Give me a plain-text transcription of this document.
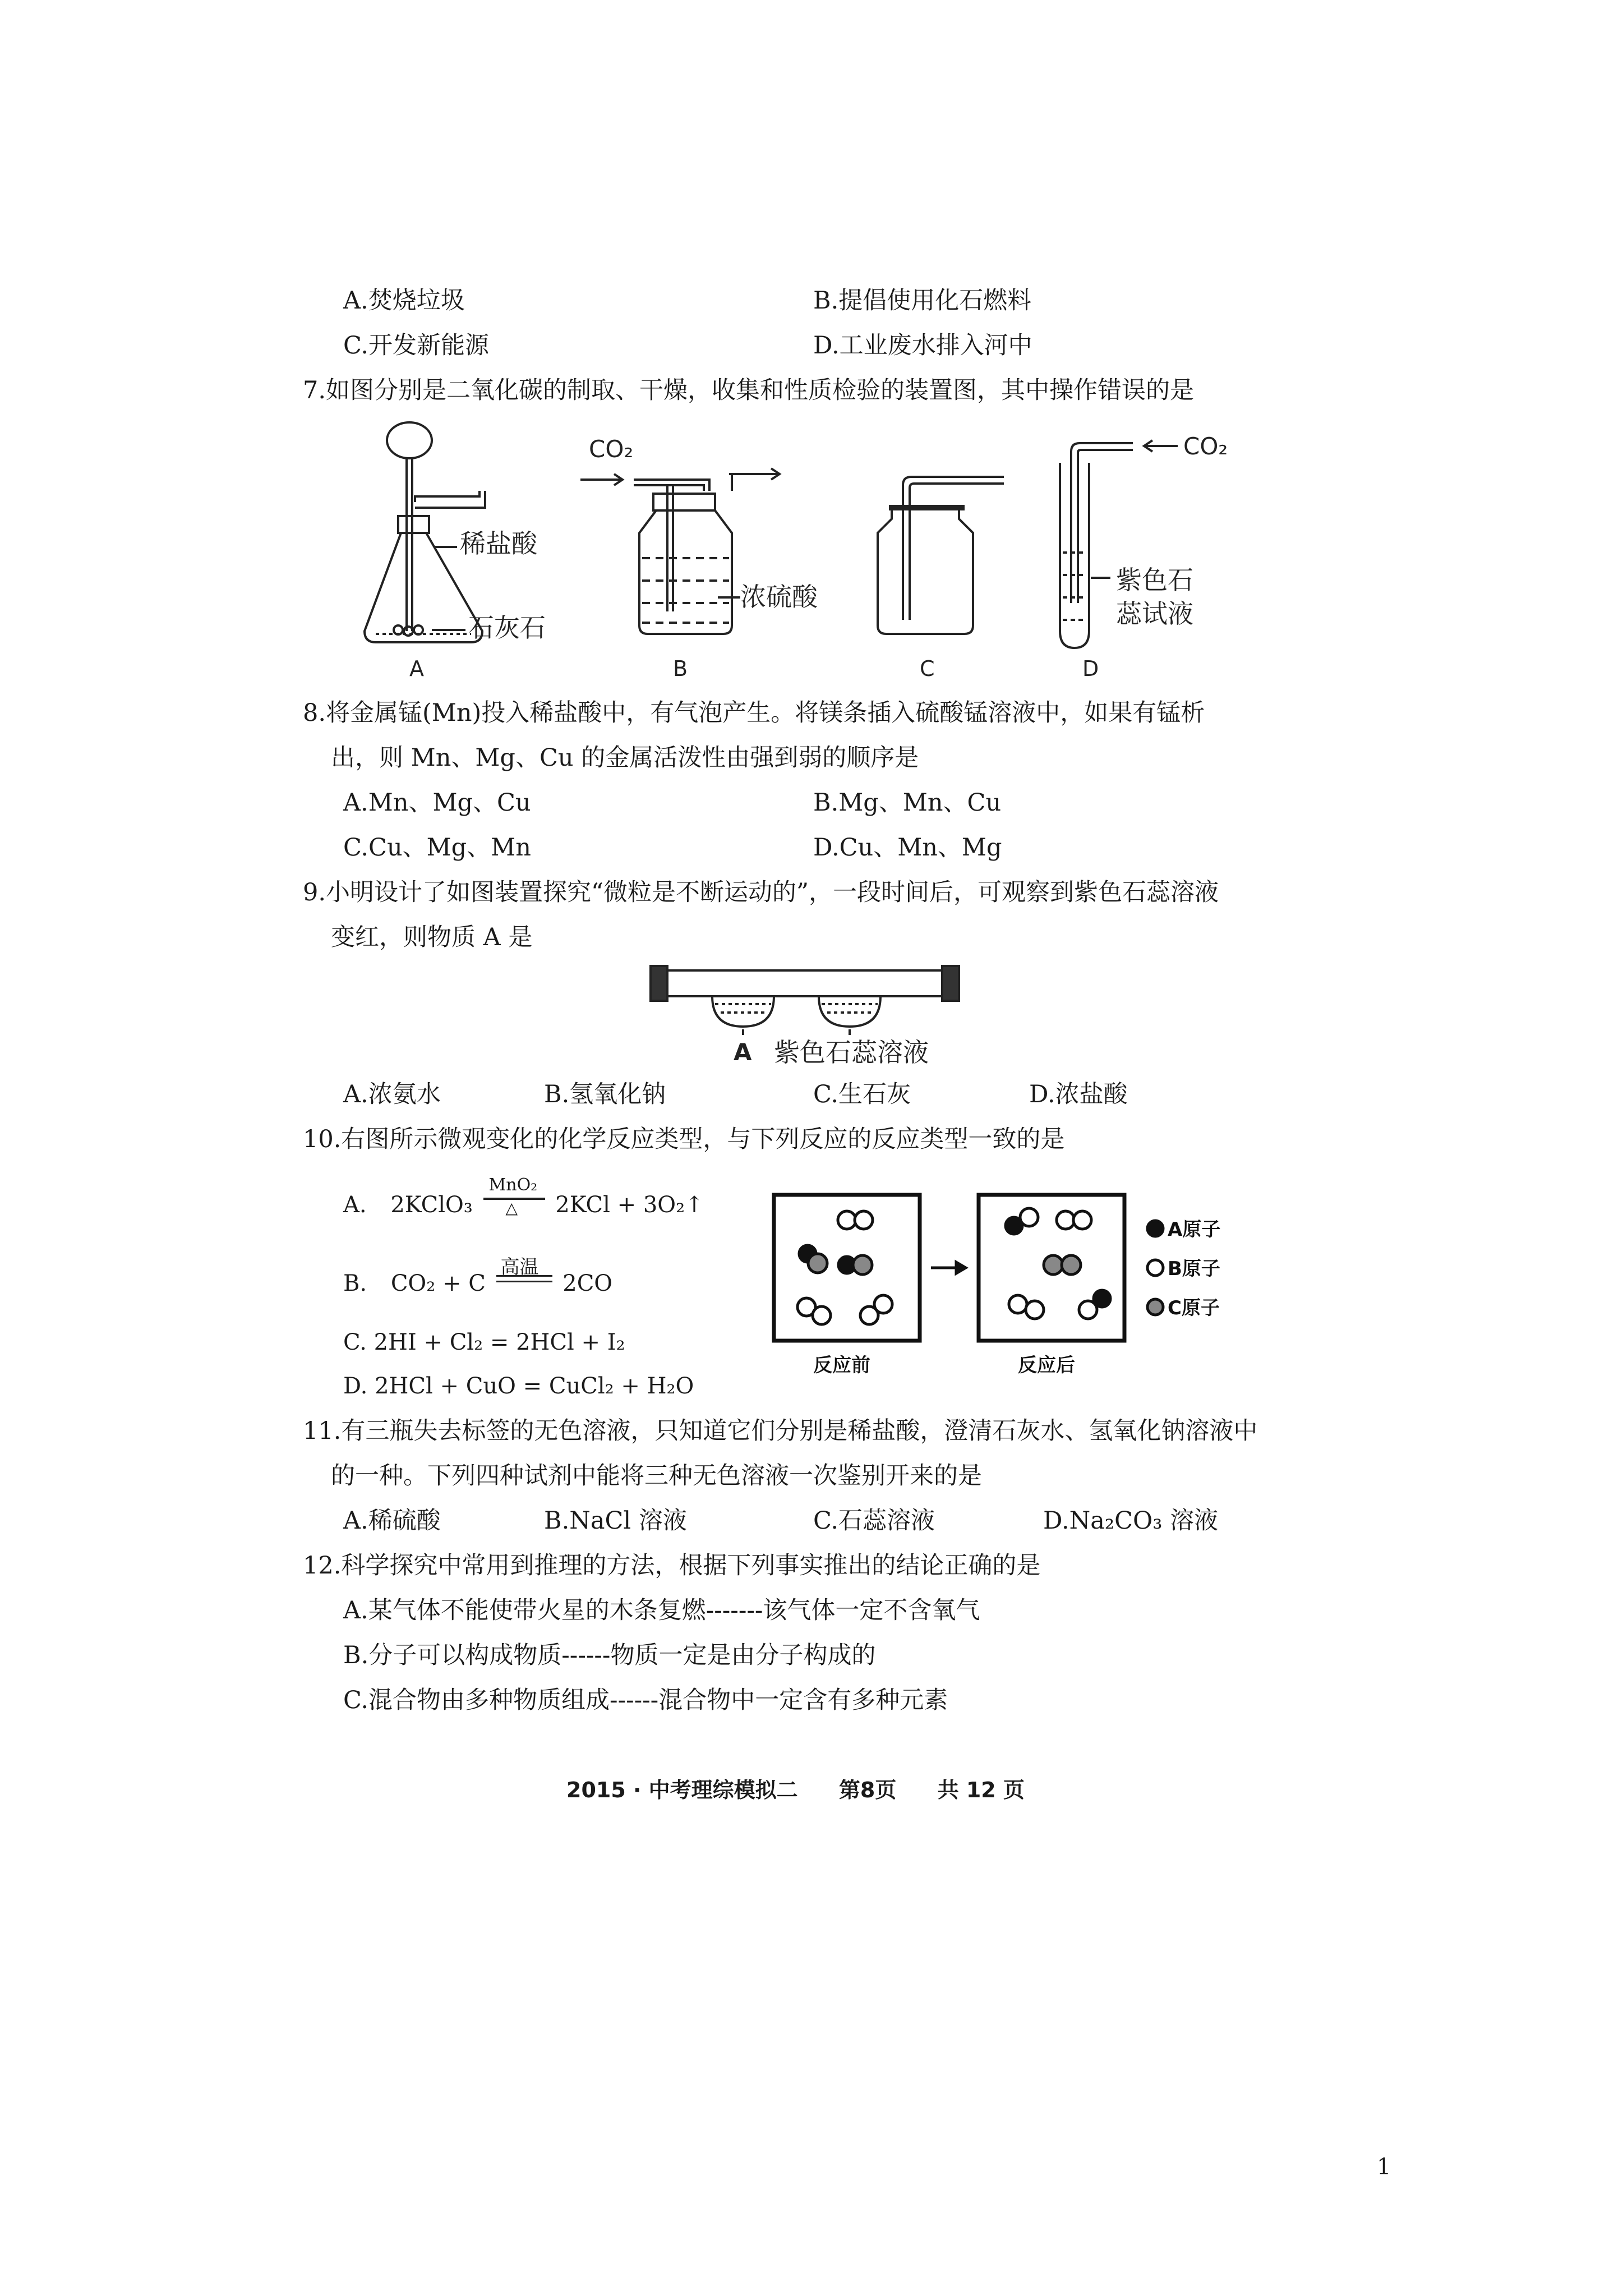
A.焚烧垃圾	B.提倡使用化石燃料
C.开发新能源	D.工业废水排入河中
7.如图分别是二氧化碳的制取、干燥，收集和性质检验的装置图，其中操作错误的是
稀盐酸
石灰石
A
CO₂
浓硫酸
B	C
CO₂
紫色石
蕊试液
D
8.将金属锰(Mn)投入稀盐酸中，有气泡产生。将镁条插入硫酸锰溶液中，如果有锰析
出，则 Mn、Mg、Cu 的金属活泼性由强到弱的顺序是
A.Mn、Mg、Cu	B.Mg、Mn、Cu
C.Cu、Mg、Mn	D.Cu、Mn、Mg
9.小明设计了如图装置探究“微粒是不断运动的”，一段时间后，可观察到紫色石蕊溶液
变红，则物质 A 是
A 紫色石蕊溶液
A.浓氨水	B.氢氧化钠	C.生石灰	D.浓盐酸
10.右图所示微观变化的化学反应类型，与下列反应的反应类型一致的是
A. 2KClO₃
MnO₂
△ 2KCl + 3O₂↑
B. CO₂ + C
高温
2CO
C. 2HI + Cl₂ = 2HCl + I₂
D. 2HCl + CuO = CuCl₂ + H₂O
A原子
B原子
C原子
反应前	反应后
11.有三瓶失去标签的无色溶液，只知道它们分别是稀盐酸，澄清石灰水、氢氧化钠溶液中
的一种。下列四种试剂中能将三种无色溶液一次鉴别开来的是
A.稀硫酸	B.NaCl 溶液	C.石蕊溶液	D.Na₂CO₃ 溶液
12.科学探究中常用到推理的方法，根据下列事实推出的结论正确的是
A.某气体不能使带火星的木条复燃-------该气体一定不含氧气
B.分子可以构成物质------物质一定是由分子构成的
C.混合物由多种物质组成------混合物中一定含有多种元素
2015 · 中考理综模拟二 第8页 共 12 页
1
